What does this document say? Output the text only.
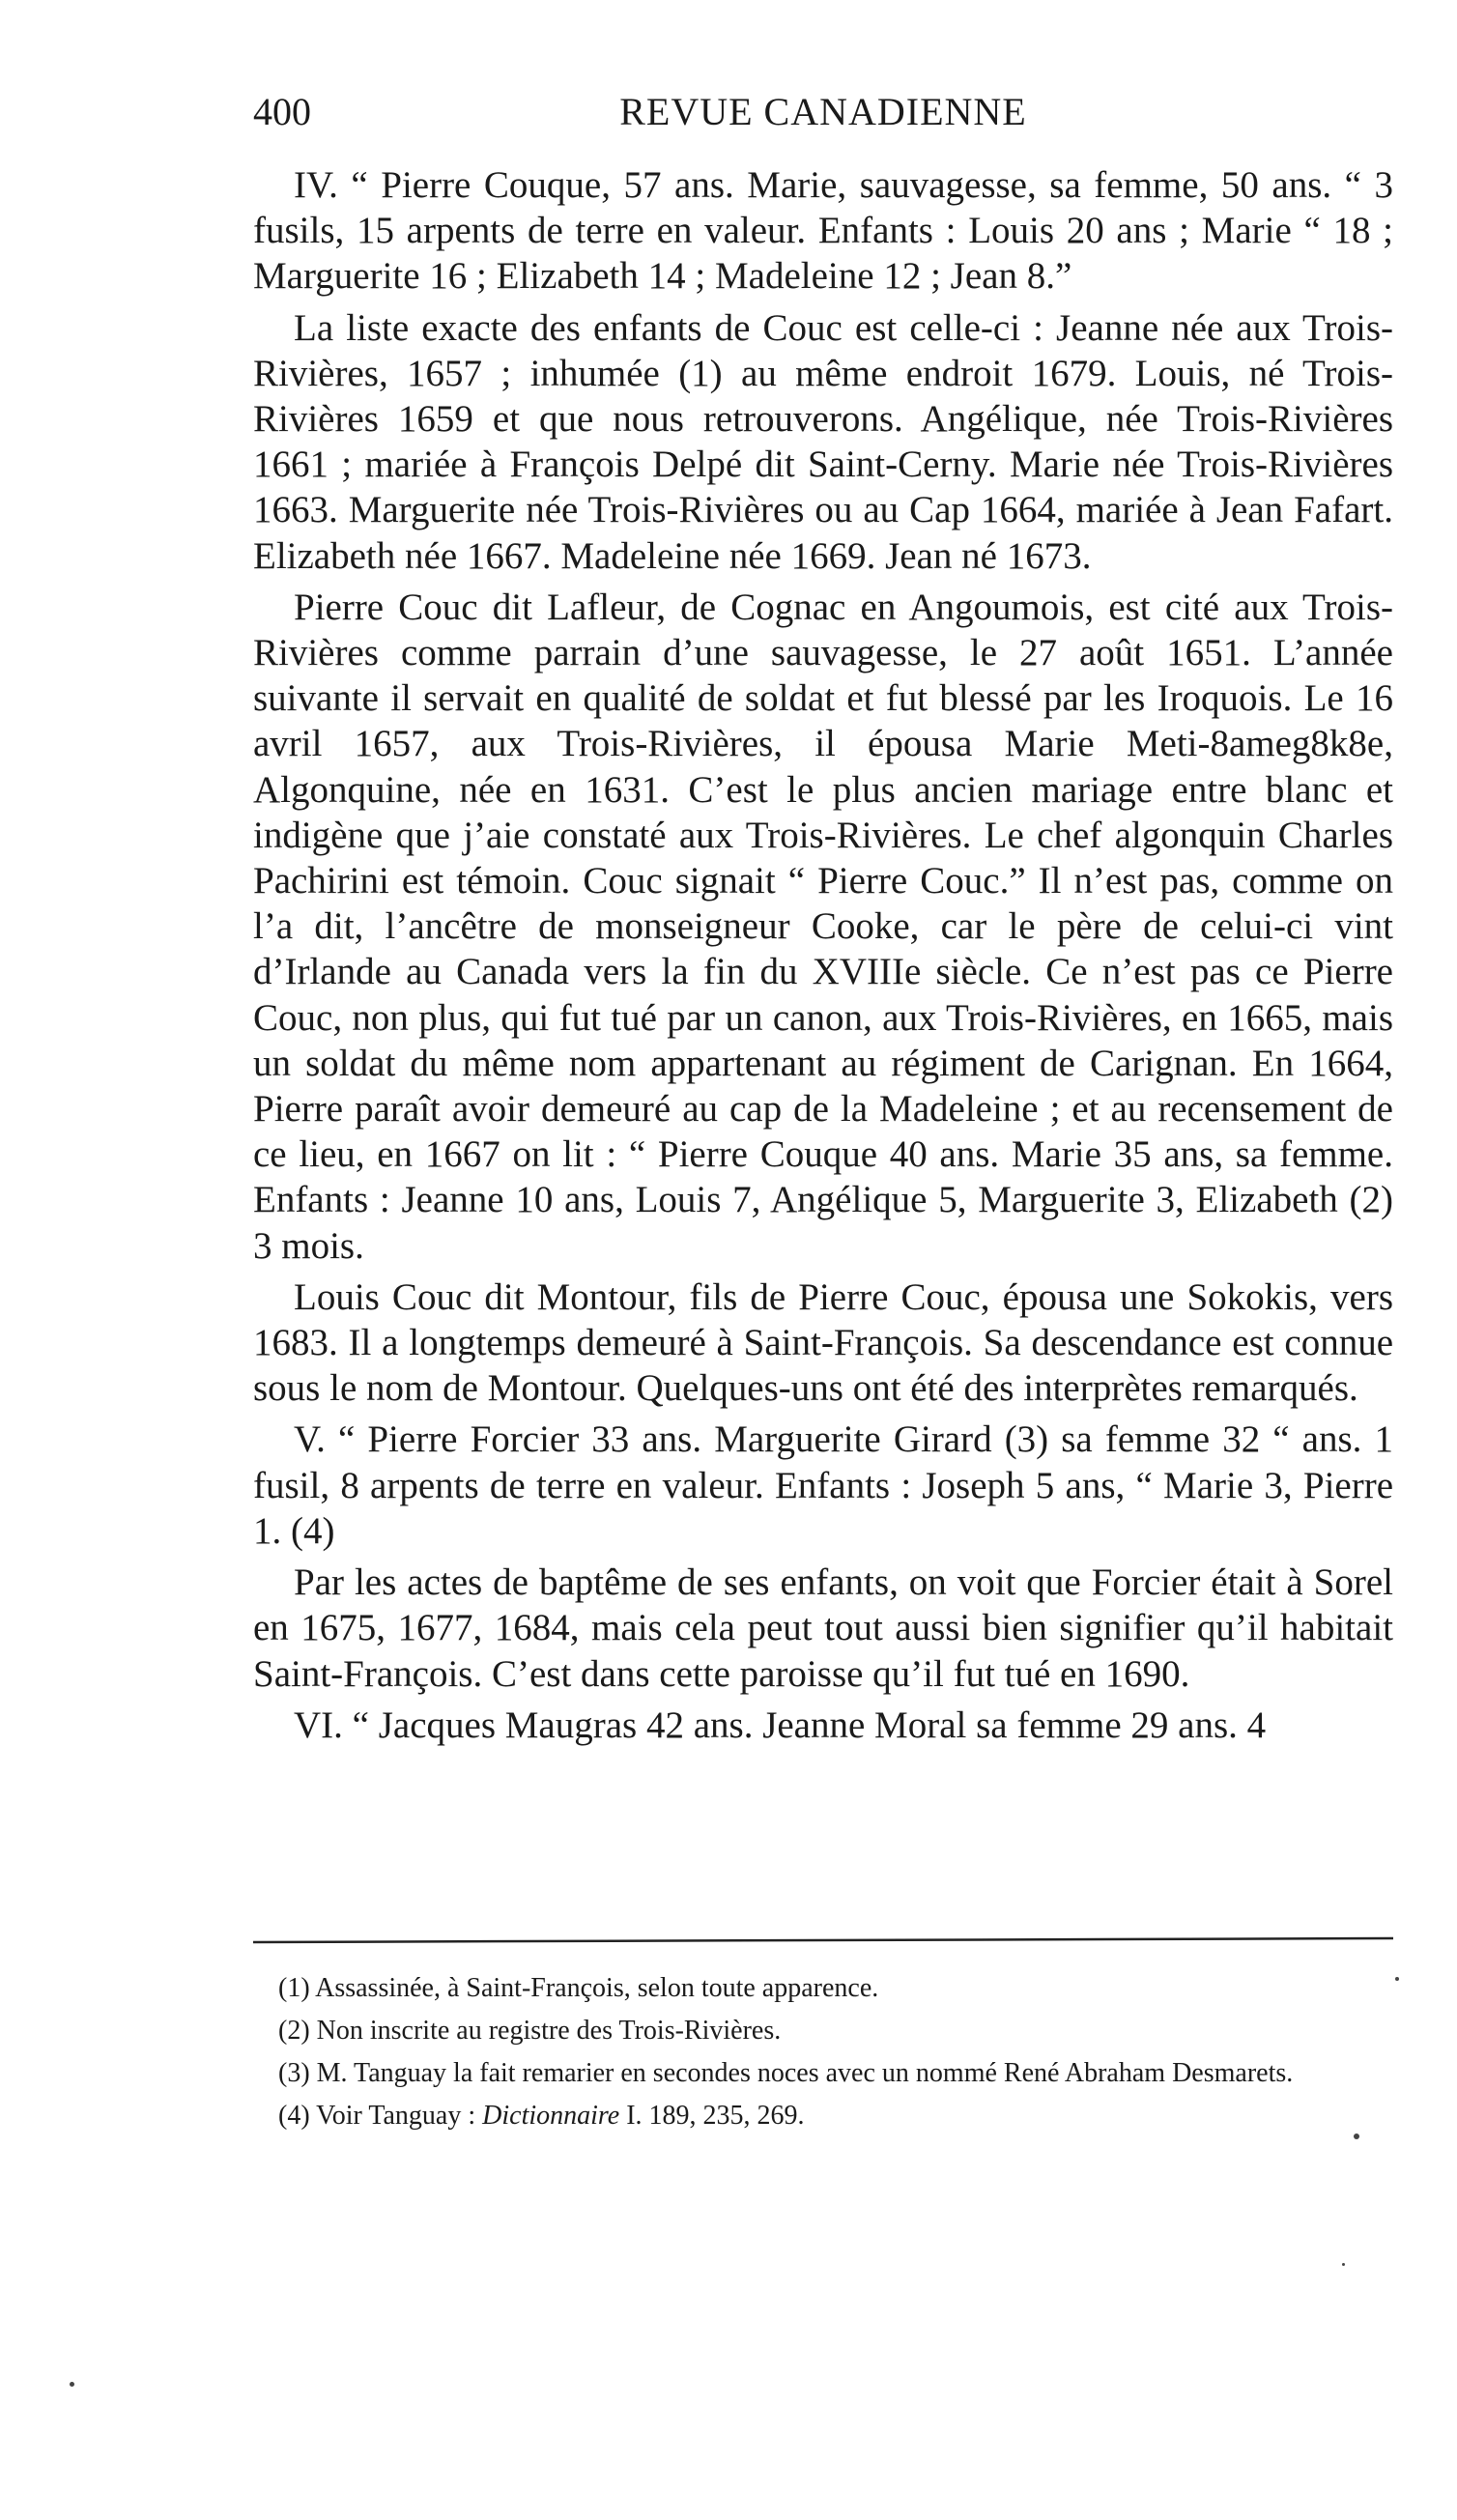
400	REVUE CANADIENNE

IV. “ Pierre Couque, 57 ans. Marie, sauvagesse, sa femme, 50 ans. “ 3 fusils, 15 arpents de terre en valeur. Enfants : Louis 20 ans ; Marie “ 18 ; Marguerite 16 ; Elizabeth 14 ; Madeleine 12 ; Jean 8.”

La liste exacte des enfants de Couc est celle-ci : Jeanne née aux Trois-Rivières, 1657 ; inhumée (1) au même endroit 1679. Louis, né Trois-Rivières 1659 et que nous retrouverons. Angélique, née Trois-Rivières 1661 ; mariée à François Delpé dit Saint-Cerny. Marie née Trois-Rivières 1663. Marguerite née Trois-Rivières ou au Cap 1664, mariée à Jean Fafart. Elizabeth née 1667. Madeleine née 1669. Jean né 1673.

Pierre Couc dit Lafleur, de Cognac en Angoumois, est cité aux Trois-Rivières comme parrain d’une sauvagesse, le 27 août 1651. L’année suivante il servait en qualité de soldat et fut blessé par les Iroquois. Le 16 avril 1657, aux Trois-Rivières, il épousa Marie Meti-8ameg8k8e, Algonquine, née en 1631. C’est le plus ancien mariage entre blanc et indigène que j’aie constaté aux Trois-Rivières. Le chef algonquin Charles Pachirini est témoin. Couc signait “ Pierre Couc.” Il n’est pas, comme on l’a dit, l’ancêtre de monseigneur Cooke, car le père de celui-ci vint d’Irlande au Canada vers la fin du XVIIIe siècle. Ce n’est pas ce Pierre Couc, non plus, qui fut tué par un canon, aux Trois-Rivières, en 1665, mais un soldat du même nom appartenant au régiment de Carignan. En 1664, Pierre paraît avoir demeuré au cap de la Madeleine ; et au recensement de ce lieu, en 1667 on lit : “ Pierre Couque 40 ans. Marie 35 ans, sa femme. Enfants : Jeanne 10 ans, Louis 7, Angélique 5, Marguerite 3, Elizabeth (2) 3 mois.

Louis Couc dit Montour, fils de Pierre Couc, épousa une Sokokis, vers 1683. Il a longtemps demeuré à Saint-François. Sa descendance est connue sous le nom de Montour. Quelques-uns ont été des interprètes remarqués.

V. “ Pierre Forcier 33 ans. Marguerite Girard (3) sa femme 32 “ ans. 1 fusil, 8 arpents de terre en valeur. Enfants : Joseph 5 ans, “ Marie 3, Pierre 1. (4)

Par les actes de baptême de ses enfants, on voit que Forcier était à Sorel en 1675, 1677, 1684, mais cela peut tout aussi bien signifier qu’il habitait Saint-François. C’est dans cette paroisse qu’il fut tué en 1690.

VI. “ Jacques Maugras 42 ans. Jeanne Moral sa femme 29 ans. 4

(1) Assassinée, à Saint-François, selon toute apparence.

(2) Non inscrite au registre des Trois-Rivières.

(3) M. Tanguay la fait remarier en secondes noces avec un nommé René Abraham Desmarets.

(4) Voir Tanguay : Dictionnaire I. 189, 235, 269.
